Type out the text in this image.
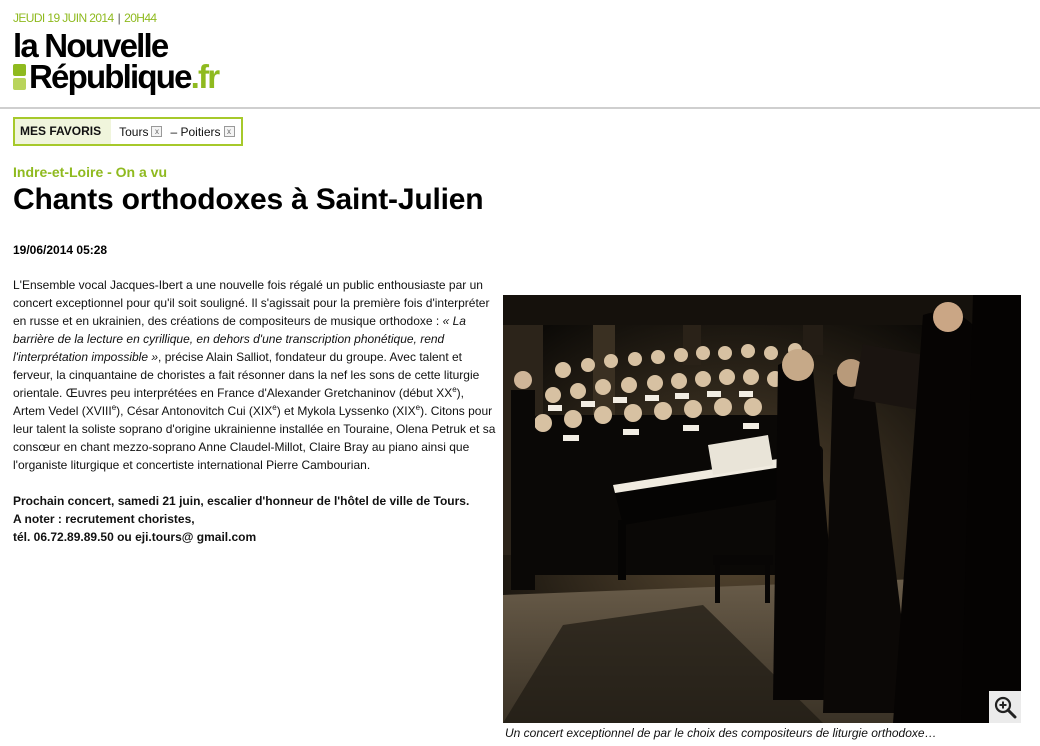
JEUDI 19 JUIN 2014 | 20H44
la Nouvelle
République.fr
MES FAVORIS	Tours x – Poitiers x
Indre-et-Loire - On a vu
Chants orthodoxes à Saint-Julien
19/06/2014 05:28

L'Ensemble vocal Jacques-Ibert a une nouvelle fois régalé un public enthousiaste par un concert exceptionnel pour qu'il soit souligné. Il s'agissait pour la première fois d'interpréter en russe et en ukrainien, des créations de compositeurs de musique orthodoxe : « La barrière de la lecture en cyrillique, en dehors d'une transcription phonétique, rend l'interprétation impossible », précise Alain Salliot, fondateur du groupe. Avec talent et ferveur, la cinquantaine de choristes a fait résonner dans la nef les sons de cette liturgie orientale. Œuvres peu interprétées en France d'Alexander Gretchaninov (début XXe), Artem Vedel (XVIIIe), César Antonovitch Cui (XIXe) et Mykola Lyssenko (XIXe). Citons pour leur talent la soliste soprano d'origine ukrainienne installée en Touraine, Olena Petruk et sa consœur en chant mezzo-soprano Anne Claudel-Millot, Claire Bray au piano ainsi que l'organiste liturgique et concertiste international Pierre Cambourian.

Prochain concert, samedi 21 juin, escalier d'honneur de l'hôtel de ville de Tours.
A noter : recrutement choristes,
tél. 06.72.89.89.50 ou eji.tours@ gmail.com

Un concert exceptionnel de par le choix des compositeurs de liturgie orthodoxe…
